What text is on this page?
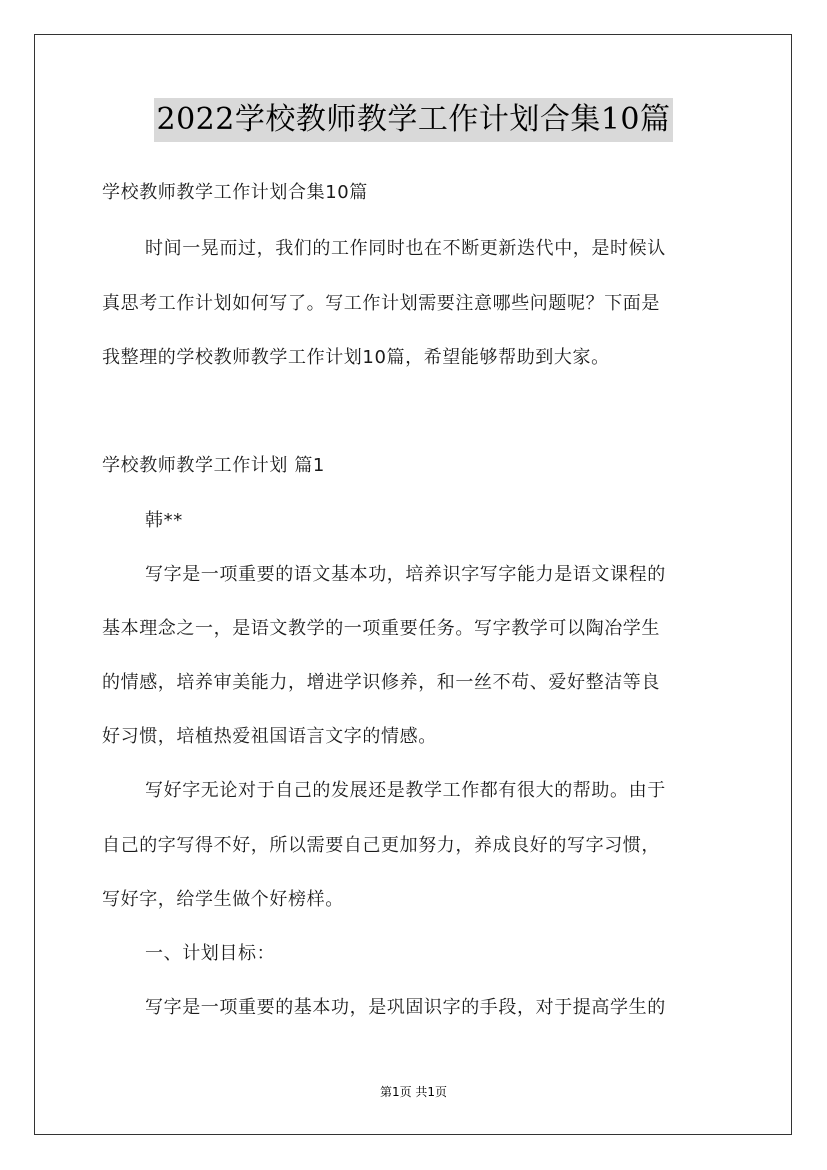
2022学校教师教学工作计划合集10篇

学校教师教学工作计划合集10篇

时间一晃而过，我们的工作同时也在不断更新迭代中，是时候认

真思考工作计划如何写了。写工作计划需要注意哪些问题呢？下面是

我整理的学校教师教学工作计划10篇，希望能够帮助到大家。

学校教师教学工作计划 篇1

韩**

写字是一项重要的语文基本功，培养识字写字能力是语文课程的

基本理念之一，是语文教学的一项重要任务。写字教学可以陶冶学生

的情感，培养审美能力，增进学识修养，和一丝不苟、爱好整洁等良

好习惯，培植热爱祖国语言文字的情感。

写好字无论对于自己的发展还是教学工作都有很大的帮助。由于

自己的字写得不好，所以需要自己更加努力，养成良好的写字习惯，

写好字，给学生做个好榜样。

一、计划目标：

写字是一项重要的基本功，是巩固识字的手段，对于提高学生的

第1页 共1页
